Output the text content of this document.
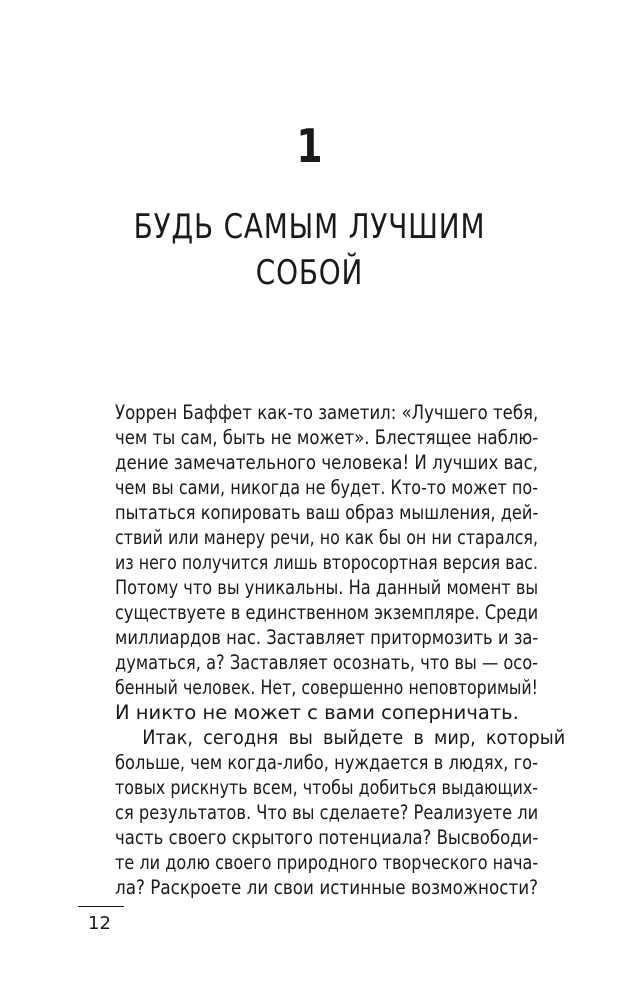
1
БУДЬ САМЫМ ЛУЧШИМ
СОБОЙ
Уоррен Баффет как-то заметил: «Лучшего тебя,
чем ты сам, быть не может». Блестящее наблю-
дение замечательного человека! И лучших вас,
чем вы сами, никогда не будет. Кто-то может по-
пытаться копировать ваш образ мышления, дей-
ствий или манеру речи, но как бы он ни старался,
из него получится лишь второсортная версия вас.
Потому что вы уникальны. На данный момент вы
существуете в единственном экземпляре. Среди
миллиардов нас. Заставляет притормозить и за-
думаться, а? Заставляет осознать, что вы — осо-
бенный человек. Нет, совершенно неповторимый!
И никто не может с вами соперничать.
Итак, сегодня вы выйдете в мир, который
больше, чем когда-либо, нуждается в людях, го-
товых рискнуть всем, чтобы добиться выдающих-
ся результатов. Что вы сделаете? Реализуете ли
часть своего скрытого потенциала? Высвободи-
те ли долю своего природного творческого нача-
ла? Раскроете ли свои истинные возможности?
12
